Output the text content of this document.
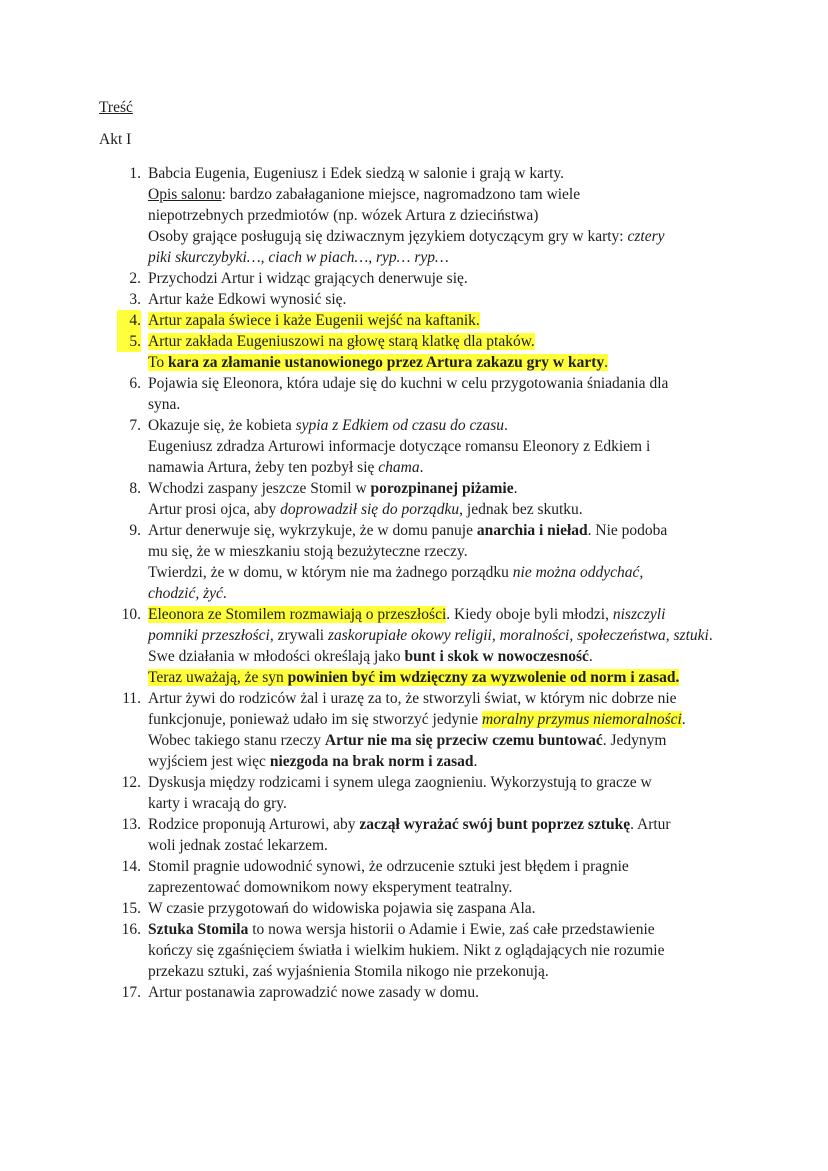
Treść
Akt I
1. Babcia Eugenia, Eugeniusz i Edek siedzą w salonie i grają w karty.
Opis salonu: bardzo zabałaganione miejsce, nagromadzono tam wiele
niepotrzebnych przedmiotów (np. wózek Artura z dzieciństwa)
Osoby grające posługują się dziwacznym językiem dotyczącym gry w karty: cztery
piki skurczybyki…, ciach w piach…, ryp… ryp…
2. Przychodzi Artur i widząc grających denerwuje się.
3. Artur każe Edkowi wynosić się.
4. Artur zapala świece i każe Eugenii wejść na kaftanik.
5. Artur zakłada Eugeniuszowi na głowę starą klatkę dla ptaków.
To kara za złamanie ustanowionego przez Artura zakazu gry w karty.
6. Pojawia się Eleonora, która udaje się do kuchni w celu przygotowania śniadania dla
syna.
7. Okazuje się, że kobieta sypia z Edkiem od czasu do czasu.
Eugeniusz zdradza Arturowi informacje dotyczące romansu Eleonory z Edkiem i
namawia Artura, żeby ten pozbył się chama.
8. Wchodzi zaspany jeszcze Stomil w porozpinanej piżamie.
Artur prosi ojca, aby doprowadził się do porządku, jednak bez skutku.
9. Artur denerwuje się, wykrzykuje, że w domu panuje anarchia i nieład. Nie podoba
mu się, że w mieszkaniu stoją bezużyteczne rzeczy.
Twierdzi, że w domu, w którym nie ma żadnego porządku nie można oddychać,
chodzić, żyć.
10. Eleonora ze Stomilem rozmawiają o przeszłości. Kiedy oboje byli młodzi, niszczyli
pomniki przeszłości, zrywali zaskorupiałe okowy religii, moralności, społeczeństwa, sztuki.
Swe działania w młodości określają jako bunt i skok w nowoczesność.
Teraz uważają, że syn powinien być im wdzięczny za wyzwolenie od norm i zasad.
11. Artur żywi do rodziców żal i urazę za to, że stworzyli świat, w którym nic dobrze nie
funkcjonuje, ponieważ udało im się stworzyć jedynie moralny przymus niemoralności.
Wobec takiego stanu rzeczy Artur nie ma się przeciw czemu buntować. Jedynym
wyjściem jest więc niezgoda na brak norm i zasad.
12. Dyskusja między rodzicami i synem ulega zaognieniu. Wykorzystują to gracze w
karty i wracają do gry.
13. Rodzice proponują Arturowi, aby zaczął wyrażać swój bunt poprzez sztukę. Artur
woli jednak zostać lekarzem.
14. Stomil pragnie udowodnić synowi, że odrzucenie sztuki jest błędem i pragnie
zaprezentować domownikom nowy eksperyment teatralny.
15. W czasie przygotowań do widowiska pojawia się zaspana Ala.
16. Sztuka Stomila to nowa wersja historii o Adamie i Ewie, zaś całe przedstawienie
kończy się zgaśnięciem światła i wielkim hukiem. Nikt z oglądających nie rozumie
przekazu sztuki, zaś wyjaśnienia Stomila nikogo nie przekonują.
17. Artur postanawia zaprowadzić nowe zasady w domu.
